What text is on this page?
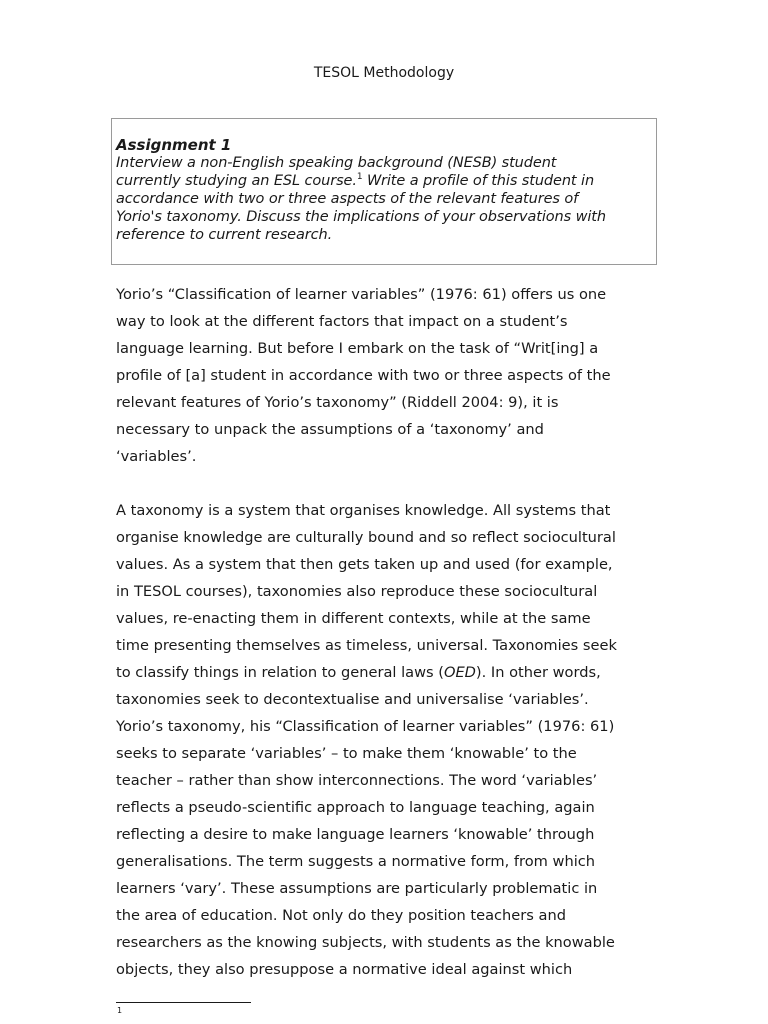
TESOL Methodology

Assignment 1

Interview a non-English speaking background (NESB) student
currently studying an ESL course.$^1$ Write a profile of this student in
accordance with two or three aspects of the relevant features of
Yorio's taxonomy. Discuss the implications of your observations with
reference to current research.

Yorio’s “Classification of learner variables” (1976: 61) offers us one
way to look at the different factors that impact on a student’s
language learning. But before I embark on the task of “Writ[ing] a
profile of [a] student in accordance with two or three aspects of the
relevant features of Yorio’s taxonomy” (Riddell 2004: 9), it is
necessary to unpack the assumptions of a ‘taxonomy’ and
‘variables’.

A taxonomy is a system that organises knowledge. All systems that
organise knowledge are culturally bound and so reflect sociocultural
values. As a system that then gets taken up and used (for example,
in TESOL courses), taxonomies also reproduce these sociocultural
values, re-enacting them in different contexts, while at the same
time presenting themselves as timeless, universal. Taxonomies seek
to classify things in relation to general laws (OED). In other words,
taxonomies seek to decontextualise and universalise ‘variables’.
Yorio’s taxonomy, his “Classification of learner variables” (1976: 61)
seeks to separate ‘variables’ – to make them ‘knowable’ to the
teacher – rather than show interconnections. The word ‘variables’
reflects a pseudo-scientific approach to language teaching, again
reflecting a desire to make language learners ‘knowable’ through
generalisations. The term suggests a normative form, from which
learners ‘vary’. These assumptions are particularly problematic in
the area of education. Not only do they position teachers and
researchers as the knowing subjects, with students as the knowable
objects, they also presuppose a normative ideal against which

1
